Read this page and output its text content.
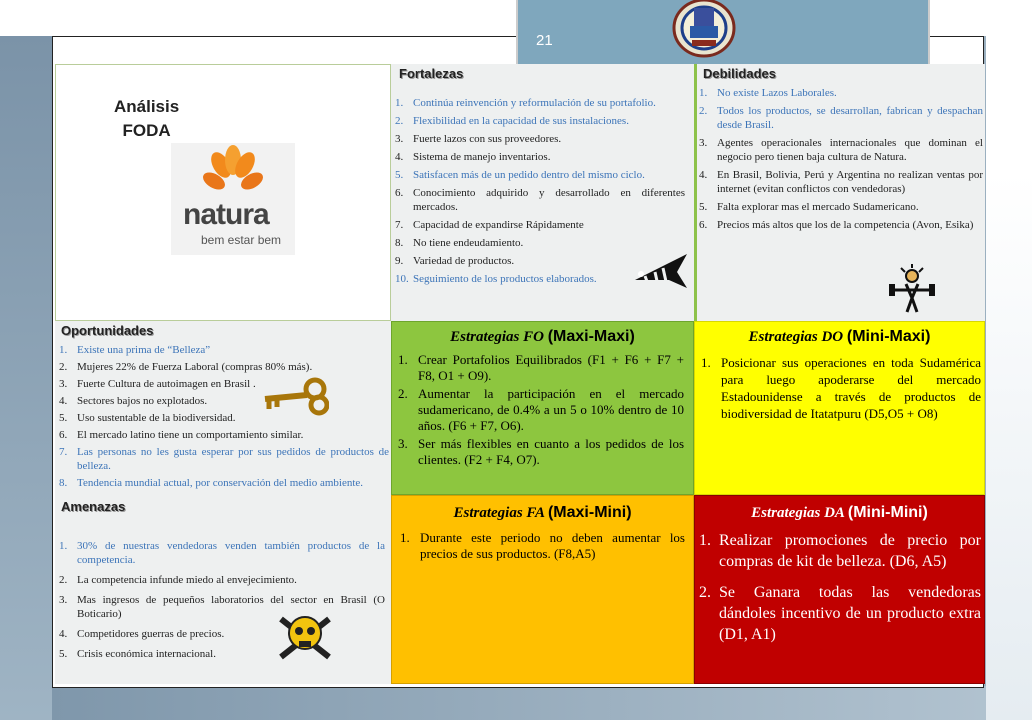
21
Análisis
FODA
natura
bem estar bem
Fortalezas
1. Continúa reinvención y reformulación de su portafolio.
2. Flexibilidad en la capacidad de sus instalaciones.
3. Fuerte lazos con sus proveedores.
4. Sistema de manejo inventarios.
5. Satisfacen más de un pedido dentro del mismo ciclo.
6. Conocimiento adquirido y desarrollado en diferentes mercados.
7. Capacidad de expandirse Rápidamente
8. No tiene endeudamiento.
9. Variedad de productos.
10. Seguimiento de los productos elaborados.
Debilidades
1. No existe Lazos Laborales.
2. Todos los productos, se desarrollan, fabrican y despachan desde Brasil.
3. Agentes operacionales internacionales que dominan el negocio pero tienen baja cultura de Natura.
4. En Brasil, Bolivia, Perú y Argentina no realizan ventas por internet (evitan conflictos con vendedoras)
5. Falta explorar mas el mercado Sudamericano.
6. Precios más altos que los de la competencia (Avon, Esika)
Oportunidades
1. Existe una prima de “Belleza”
2. Mujeres 22% de Fuerza Laboral (compras 80% más).
3. Fuerte Cultura de autoimagen en Brasil .
4. Sectores bajos no explotados.
5. Uso sustentable de la biodiversidad.
6. El mercado latino tiene un comportamiento similar.
7. Las personas no les gusta esperar por sus pedidos de productos de belleza.
8. Tendencia mundial actual, por conservación del medio ambiente.
Estrategias FO (Maxi-Maxi)
1. Crear Portafolios Equilibrados (F1 + F6 + F7 + F8, O1 + O9).
2. Aumentar la participación en el mercado sudamericano, de 0.4% a un 5 o 10% dentro de 10 años. (F6 + F7, O6).
3. Ser más flexibles en cuanto a los pedidos de los clientes. (F2 + F4, O7).
Estrategias DO (Mini-Maxi)
1. Posicionar sus operaciones en toda Sudamérica para luego apoderarse del mercado Estadounidense a través de productos de biodiversidad de Itatatpuru (D5,O5 + O8)
Amenazas
1. 30% de nuestras vendedoras venden también productos de la competencia.
2. La competencia infunde miedo al envejecimiento.
3. Mas ingresos de pequeños laboratorios del sector en Brasil (O Boticario)
4. Competidores guerras de precios.
5. Crisis económica internacional.
Estrategias FA (Maxi-Mini)
1. Durante este periodo no deben aumentar los precios de sus productos. (F8,A5)
Estrategias DA (Mini-Mini)
1. Realizar promociones de precio por compras de kit de belleza. (D6, A5)
2. Se Ganara todas las vendedoras dándoles incentivo de un producto extra (D1, A1)
